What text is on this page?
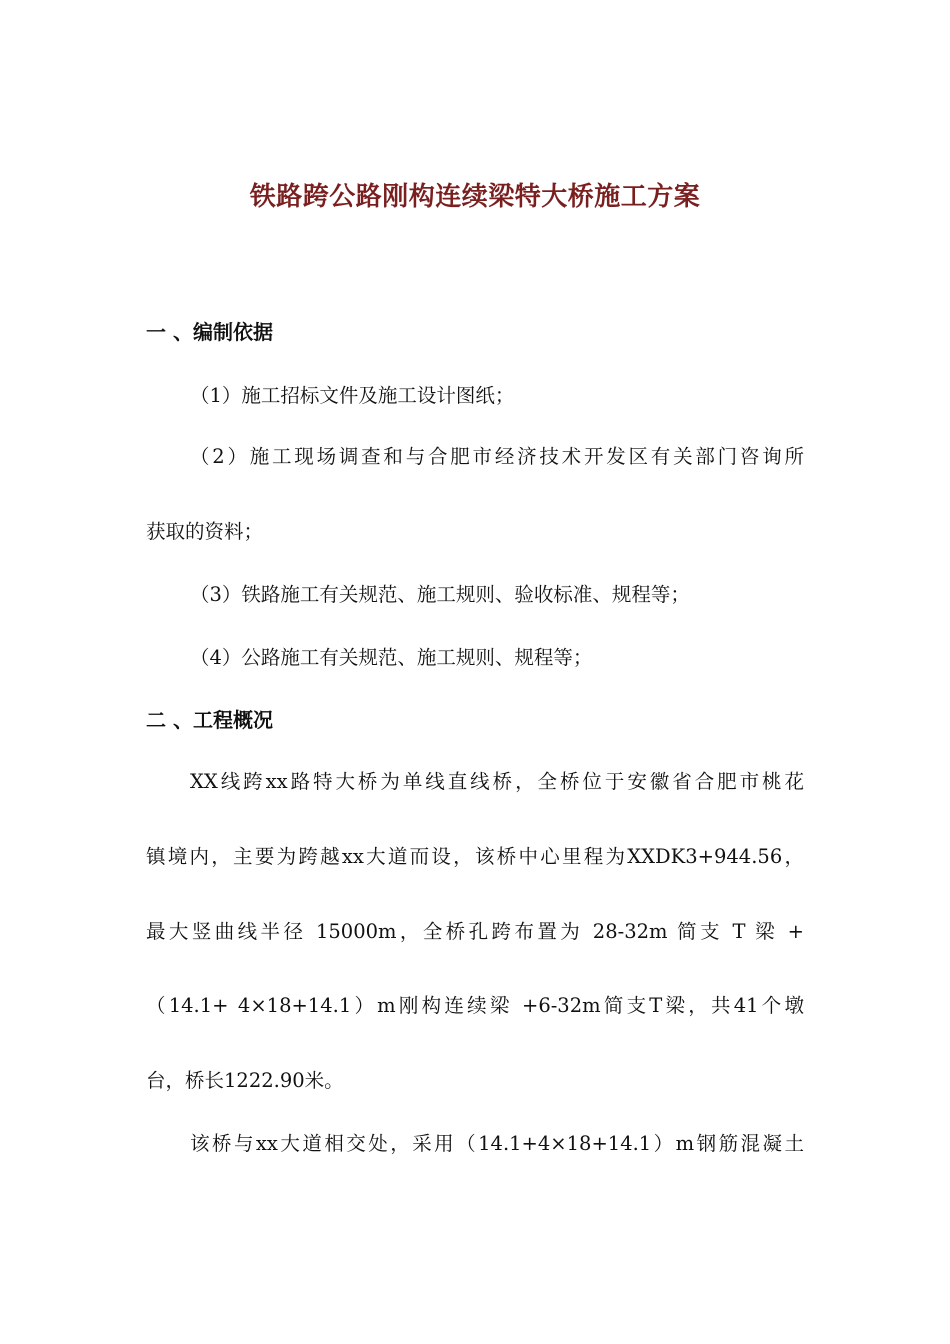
铁路跨公路刚构连续梁特大桥施工方案
一 、编制依据
（1）施工招标文件及施工设计图纸；
（2）施工现场调查和与合肥市经济技术开发区有关部门咨询所
获取的资料；
（3）铁路施工有关规范、施工规则、验收标准、规程等；
（4）公路施工有关规范、施工规则、规程等；
二 、工程概况
XX线跨xx路特大桥为单线直线桥，全桥位于安徽省合肥市桃花
镇境内，主要为跨越xx大道而设，该桥中心里程为XXDK3+944.56，
最大竖曲线半径 15000m，全桥孔跨布置为 28-32m 简支 T 梁 +
（14.1+ 4×18+14.1）m刚构连续梁 +6-32m简支T梁，共41个墩
台，桥长1222.90米。
该桥与xx大道相交处，采用（14.1+4×18+14.1）m钢筋混凝土
